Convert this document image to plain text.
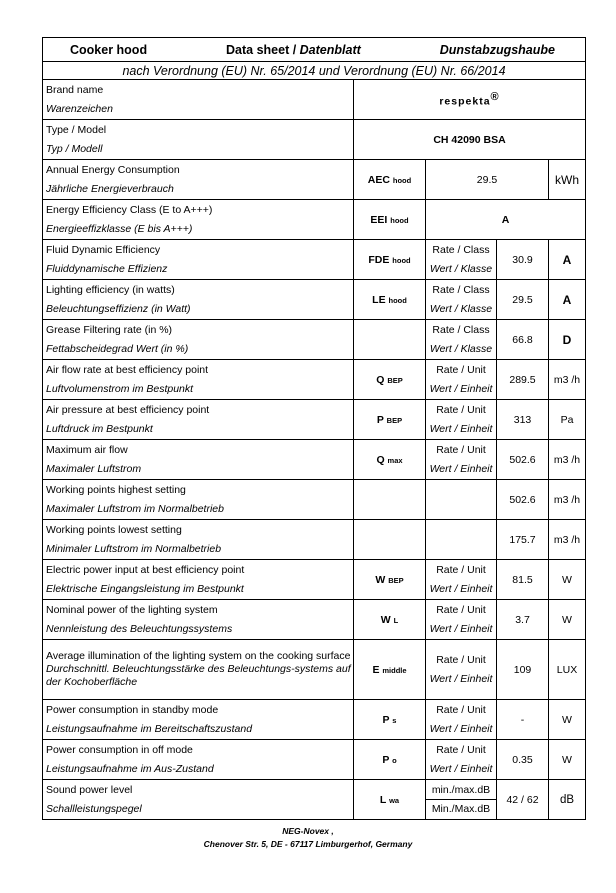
Cooker hood Data sheet / Datenblatt Dunstabzugshaube				

nach Verordnung (EU) Nr. 65/2014 und Verordnung (EU) Nr. 66/2014				

Brand name
Warenzeichen	respekta®

Type / Model
Typ / Modell	CH 42090 BSA			

Annual Energy Consumption
Jährliche Energieverbrauch	AEC hood	29.5		kWh

Energy Efficiency Class (E to A+++)
Energieeffizklasse (E bis A+++)	EEI hood	A		

Fluid Dynamic Efficiency
Fluiddynamische Effizienz	FDE hood	Rate / Class
Wert / Klasse	30.9	A

Lighting efficiency (in watts)
Beleuchtungseffizienz (in Watt)	LE hood	Rate / Class
Wert / Klasse	29.5	A

Grease Filtering rate (in %)
Fettabscheidegrad Wert (in %)		Rate / Class
Wert / Klasse	66.8	D

Air flow rate at best efficiency point
Luftvolumenstrom im Bestpunkt	Q BEP	Rate / Unit
Wert / Einheit	289.5	m3 /h

Air pressure at best efficiency point
Luftdruck im Bestpunkt	P BEP	Rate / Unit
Wert / Einheit	313	Pa

Maximum air flow
Maximaler Luftstrom	Q max	Rate / Unit
Wert / Einheit	502.6	m3 /h

Working points highest setting
Maximaler Luftstrom im Normalbetrieb			502.6	m3 /h

Working points lowest setting
Minimaler Luftstrom im Normalbetrieb			175.7	m3 /h

Electric power input at best efficiency point
Elektrische Eingangsleistung im Bestpunkt	W BEP	Rate / Unit
Wert / Einheit	81.5	W

Nominal power of the lighting system
Nennleistung des Beleuchtungssystems	W L	Rate / Unit
Wert / Einheit	3.7	W

Average illumination of the lighting system on the cooking surface
Durchschnittl. Beleuchtungsstärke des Beleuchtungs-systems auf der Kochoberfläche	E middle	Rate / Unit
Wert / Einheit	109	LUX

Power consumption in standby mode
Leistungsaufnahme im Bereitschaftszustand	P s	Rate / Unit
Wert / Einheit	-	W

Power consumption in off mode
Leistungsaufnahme im Aus-Zustand	P o	Rate / Unit
Wert / Einheit	0.35	W

Sound power level
Schallleistungspegel	L wa	min./max.dB
Min./Max.dB	42 / 62	dB
NEG-Novex ,
Chenover Str. 5, DE - 67117 Limburgerhof, Germany
